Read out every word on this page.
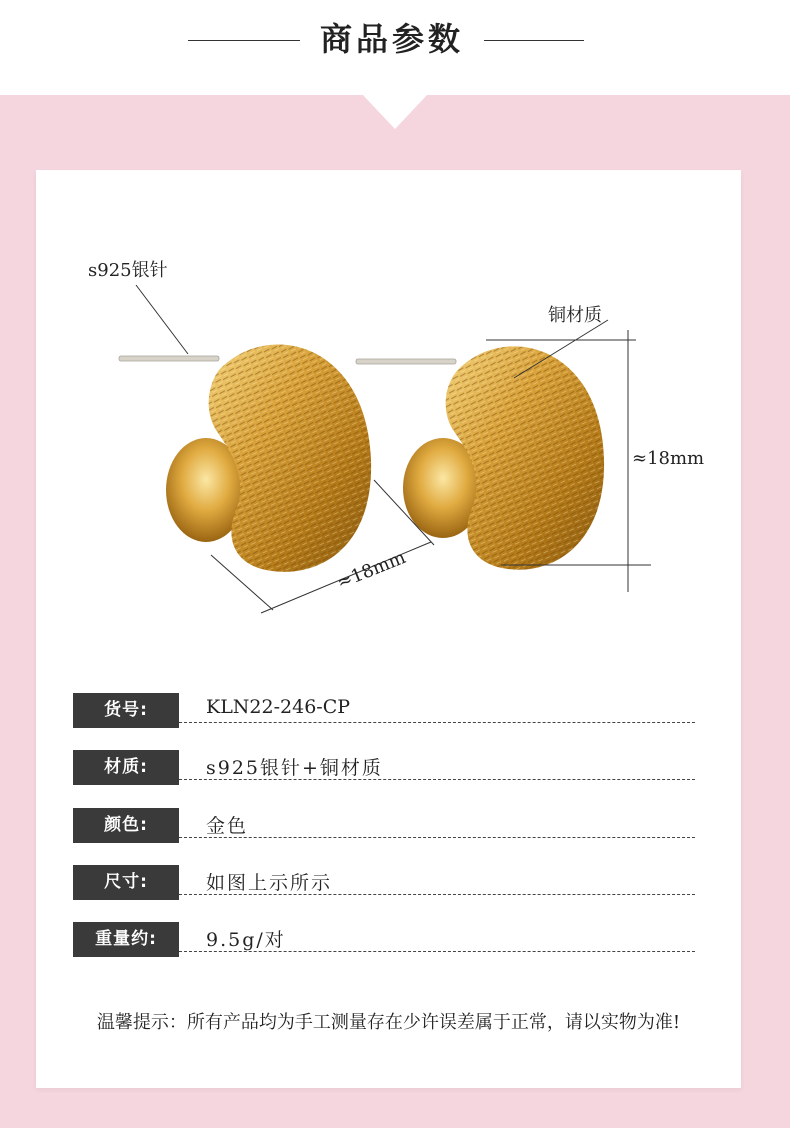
商品参数
s925银针
铜材质
≈18mm
≈18mm
货号:	KLN22-246-CP
材质:	s925银针+铜材质
颜色:	金色
尺寸:	如图上示所示
重量约:	9.5g/对
温馨提示：所有产品均为手工测量存在少许误差属于正常，请以实物为准!
